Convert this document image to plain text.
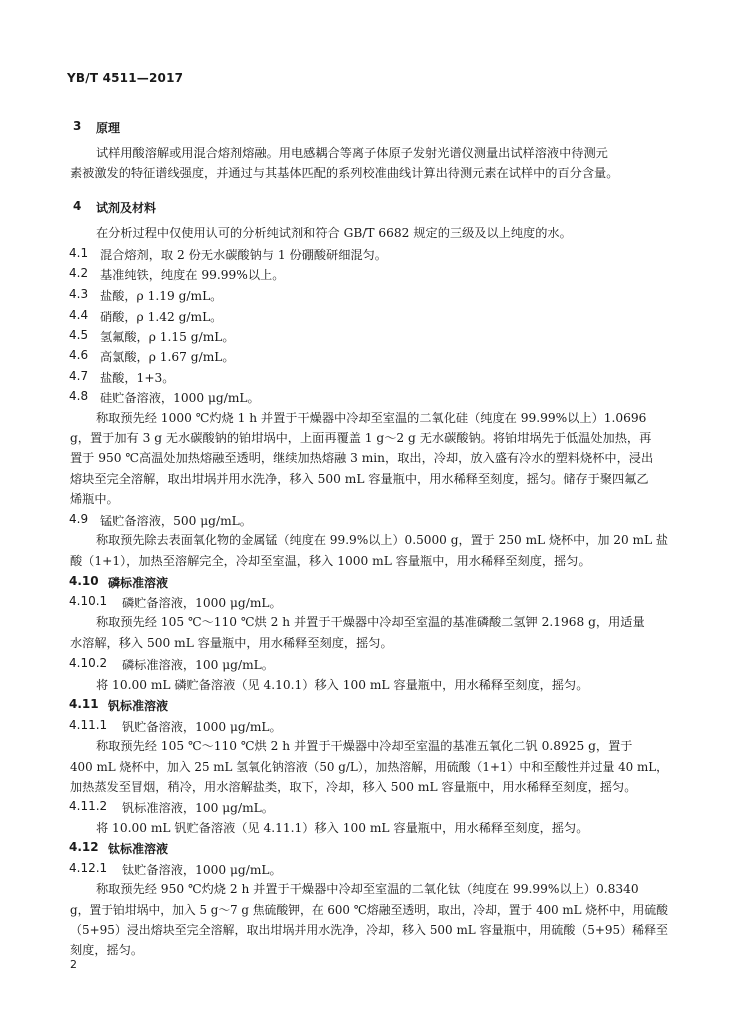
YB/T 4511—2017
3 原理
试样用酸溶解或用混合熔剂熔融。用电感耦合等离子体原子发射光谱仪测量出试样溶液中待测元
素被激发的特征谱线强度，并通过与其基体匹配的系列校准曲线计算出待测元素在试样中的百分含量。
4 试剂及材料
在分析过程中仅使用认可的分析纯试剂和符合 GB/T 6682 规定的三级及以上纯度的水。
4.1 混合熔剂，取 2 份无水碳酸钠与 1 份硼酸研细混匀。
4.2 基准纯铁，纯度在 99.99%以上。
4.3 盐酸，ρ 1.19 g/mL。
4.4 硝酸，ρ 1.42 g/mL。
4.5 氢氟酸，ρ 1.15 g/mL。
4.6 高氯酸，ρ 1.67 g/mL。
4.7 盐酸，1+3。
4.8 硅贮备溶液，1000 μg/mL。
称取预先经 1000 ℃灼烧 1 h 并置于干燥器中冷却至室温的二氧化硅（纯度在 99.99%以上）1.0696
g，置于加有 3 g 无水碳酸钠的铂坩埚中，上面再覆盖 1 g～2 g 无水碳酸钠。将铂坩埚先于低温处加热，再
置于 950 ℃高温处加热熔融至透明，继续加热熔融 3 min，取出，冷却，放入盛有冷水的塑料烧杯中，浸出
熔块至完全溶解，取出坩埚并用水洗净，移入 500 mL 容量瓶中，用水稀释至刻度，摇匀。储存于聚四氟乙
烯瓶中。
4.9 锰贮备溶液，500 μg/mL。
称取预先除去表面氧化物的金属锰（纯度在 99.9%以上）0.5000 g，置于 250 mL 烧杯中，加 20 mL 盐
酸（1+1），加热至溶解完全，冷却至室温，移入 1000 mL 容量瓶中，用水稀释至刻度，摇匀。
4.10 磷标准溶液
4.10.1 磷贮备溶液，1000 μg/mL。
称取预先经 105 ℃～110 ℃烘 2 h 并置于干燥器中冷却至室温的基准磷酸二氢钾 2.1968 g，用适量
水溶解，移入 500 mL 容量瓶中，用水稀释至刻度，摇匀。
4.10.2 磷标准溶液，100 μg/mL。
将 10.00 mL 磷贮备溶液（见 4.10.1）移入 100 mL 容量瓶中，用水稀释至刻度，摇匀。
4.11 钒标准溶液
4.11.1 钒贮备溶液，1000 μg/mL。
称取预先经 105 ℃～110 ℃烘 2 h 并置于干燥器中冷却至室温的基准五氧化二钒 0.8925 g，置于
400 mL 烧杯中，加入 25 mL 氢氧化钠溶液（50 g/L），加热溶解，用硫酸（1+1）中和至酸性并过量 40 mL，
加热蒸发至冒烟，稍冷，用水溶解盐类，取下，冷却，移入 500 mL 容量瓶中，用水稀释至刻度，摇匀。
4.11.2 钒标准溶液，100 μg/mL。
将 10.00 mL 钒贮备溶液（见 4.11.1）移入 100 mL 容量瓶中，用水稀释至刻度，摇匀。
4.12 钛标准溶液
4.12.1 钛贮备溶液，1000 μg/mL。
称取预先经 950 ℃灼烧 2 h 并置于干燥器中冷却至室温的二氧化钛（纯度在 99.99%以上）0.8340
g，置于铂坩埚中，加入 5 g～7 g 焦硫酸钾，在 600 ℃熔融至透明，取出，冷却，置于 400 mL 烧杯中，用硫酸
（5+95）浸出熔块至完全溶解，取出坩埚并用水洗净，冷却，移入 500 mL 容量瓶中，用硫酸（5+95）稀释至
刻度，摇匀。
2
